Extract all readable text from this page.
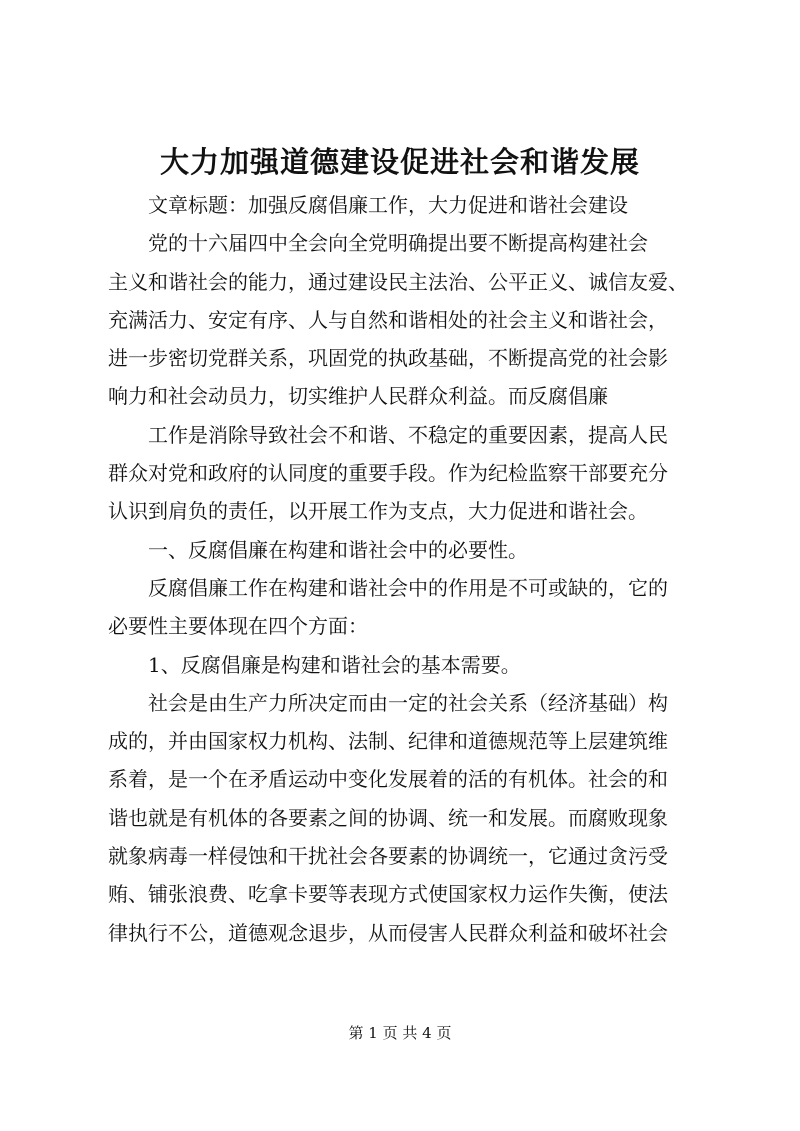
大力加强道德建设促进社会和谐发展
文章标题：加强反腐倡廉工作，大力促进和谐社会建设
党的十六届四中全会向全党明确提出要不断提高构建社会
主义和谐社会的能力，通过建设民主法治、公平正义、诚信友爱、
充满活力、安定有序、人与自然和谐相处的社会主义和谐社会，
进一步密切党群关系，巩固党的执政基础，不断提高党的社会影
响力和社会动员力，切实维护人民群众利益。而反腐倡廉
工作是消除导致社会不和谐、不稳定的重要因素，提高人民
群众对党和政府的认同度的重要手段。作为纪检监察干部要充分
认识到肩负的责任，以开展工作为支点，大力促进和谐社会。
一、反腐倡廉在构建和谐社会中的必要性。
反腐倡廉工作在构建和谐社会中的作用是不可或缺的，它的
必要性主要体现在四个方面：
1、反腐倡廉是构建和谐社会的基本需要。
社会是由生产力所决定而由一定的社会关系（经济基础）构
成的，并由国家权力机构、法制、纪律和道德规范等上层建筑维
系着，是一个在矛盾运动中变化发展着的活的有机体。社会的和
谐也就是有机体的各要素之间的协调、统一和发展。而腐败现象
就象病毒一样侵蚀和干扰社会各要素的协调统一，它通过贪污受
贿、铺张浪费、吃拿卡要等表现方式使国家权力运作失衡，使法
律执行不公，道德观念退步，从而侵害人民群众利益和破坏社会
第 1 页 共 4 页
